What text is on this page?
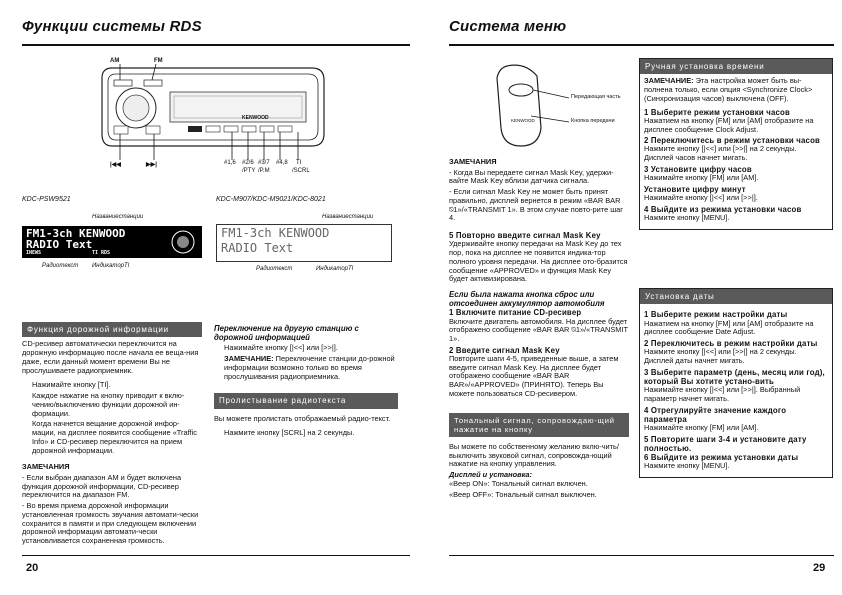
Функции системы RDS
AM	FM
KENWOOD
|◀◀	▶▶|	#1,6 #2/6
/PTY
#3/7
/P.M
#4,8 TI
/SCRL
KDC-PSW9521
Названиестанции
FM1-3ch KENWOOD
RADIO Text
INEWS	TI RDS
Радиотекст ИндикаторTI
KDC-M907/KDC-M9021/KDC-8021
Названиестанции
FM1-3ch KENWOOD
RADIO Text
Радиотекст	ИндикаторTI
Функция дорожной информации
CD-ресивер автоматически переключится на дорожную информацию после начала ее веща-ния даже, если данный момент времени Вы не прослушиваете радиоприемник.
Нажимайте кнопку [TI].
Каждое нажатие на кнопку приводит к вклю-чению/выключению функции дорожной ин-формации.
Когда начнется вещание дорожной инфор-мации, на дисплее появится сообщение «Traffic Info» и CD-ресивер переключится на прием дорожной информации.
ЗАМЕЧАНИЯ
- Если выбран диапазон AM и будет включена функция дорожной информации, CD-ресивер переключится на диапазон FM.
- Во время приема дорожной информации установленная громкость звучания автомати-чески сохранится в памяти и при следующем включении дорожной информации автомати-чески установливается сохраненная громкость.
Переключение на другую станцию с дорожной информацией
Нажимайте кнопку [|<<] или [>>|].
ЗАМЕЧАНИЕ: Переключение станции до-рожной информации возможно только во время прослушивания радиоприемника.
Пролистывание радиотекста
Вы можете пролистать отображаемый радио-текст.
Нажмите кнопку [SCRL] на 2 секунды.
20
Система меню
KENWOOD
Передающая часть
Кнопка передачи
ЗАМЕЧАНИЯ
- Когда Вы передаете сигнал Mask Key, удержи-вайте Mask Key вблизи датчика сигнала.
- Если сигнал Mask Key не может быть принят правильно, дисплей вернется в режим «BAR BAR ⍉1»/«TRANSMIT 1». В этом случае повто-рите шаг 4.
5 Повторно введите сигнал Mask Key
Удерживайте кнопку передачи на Mask Key до тех пор, пока на дисплее не появится индика-тор полного уровня передачи. На дисплее ото-бразится сообщение «APPROVED» и функция Mask Key будет активизирована.
Если была нажата кнопка сброс или отсоединен аккумулятор автомобиля
1 Включите питание CD-ресивер
Включите двигатель автомобиля. На дисплее будет отображено сообщение «BAR BAR ⍉1»/«TRANSMIT 1».
2 Введите сигнал Mask Key
Повторите шаги 4-5, приведенные выше, а затем введите сигнал Mask Key. На дисплее будет отображено сообщение «BAR BAR BAR»/«APPROVED» (ПРИНЯТО). Теперь Вы можете пользоваться CD-ресивером.
Тональный сигнал, сопровождаю-щий нажатие на кнопку
Вы можете по собственному желанию вклю-чить/выключить звуковой сигнал, сопровожда-ющий нажатие на кнопку управления.
Дисплей и установка:
«Beep ON»: Тональный сигнал включен.
«Beep OFF»: Тональный сигнал выключен.
Ручная установка времени
ЗАМЕЧАНИЕ: Эта настройка может быть вы-полнена только, если опция <Synchronize Clock> (Синхронизация часов) выключена (OFF).
1 Выберите режим установки часов
Нажатием на кнопку [FM] или [AM] отобразите на дисплее сообщение Clock Adjust.
2 Переключитесь в режим установки часов
Нажмите кнопку [|<<] или [>>|] на 2 секунды. Дисплей часов начнет мигать.
3 Установите цифру часов
Нажимайте кнопку [FM] или [AM].
Установите цифру минут
Нажимайте кнопку [|<<] или [>>|].
4 Выйдите из режима установки часов
Нажмите кнопку [MENU].
Установка даты
1 Выберите режим настройки даты
Нажатием на кнопку [FM] или [AM] отобразите на дисплее сообщение Date Adjust.
2 Переключитесь в режим настройки даты
Нажмите кнопку [|<<] или [>>|] на 2 секунды. Дисплей даты начнет мигать.
3 Выберите параметр (день, месяц или год), который Вы хотите устано-вить
Нажимайте кнопку [|<<] или [>>|]. Выбранный параметр начнет мигать.
4 Отрегулируйте значение каждого параметра
Нажимайте кнопку [FM] или [AM].
5 Повторите шаги 3-4 и установите дату полностью.
6 Выйдите из режима установки даты
Нажмите кнопку [MENU].
29
